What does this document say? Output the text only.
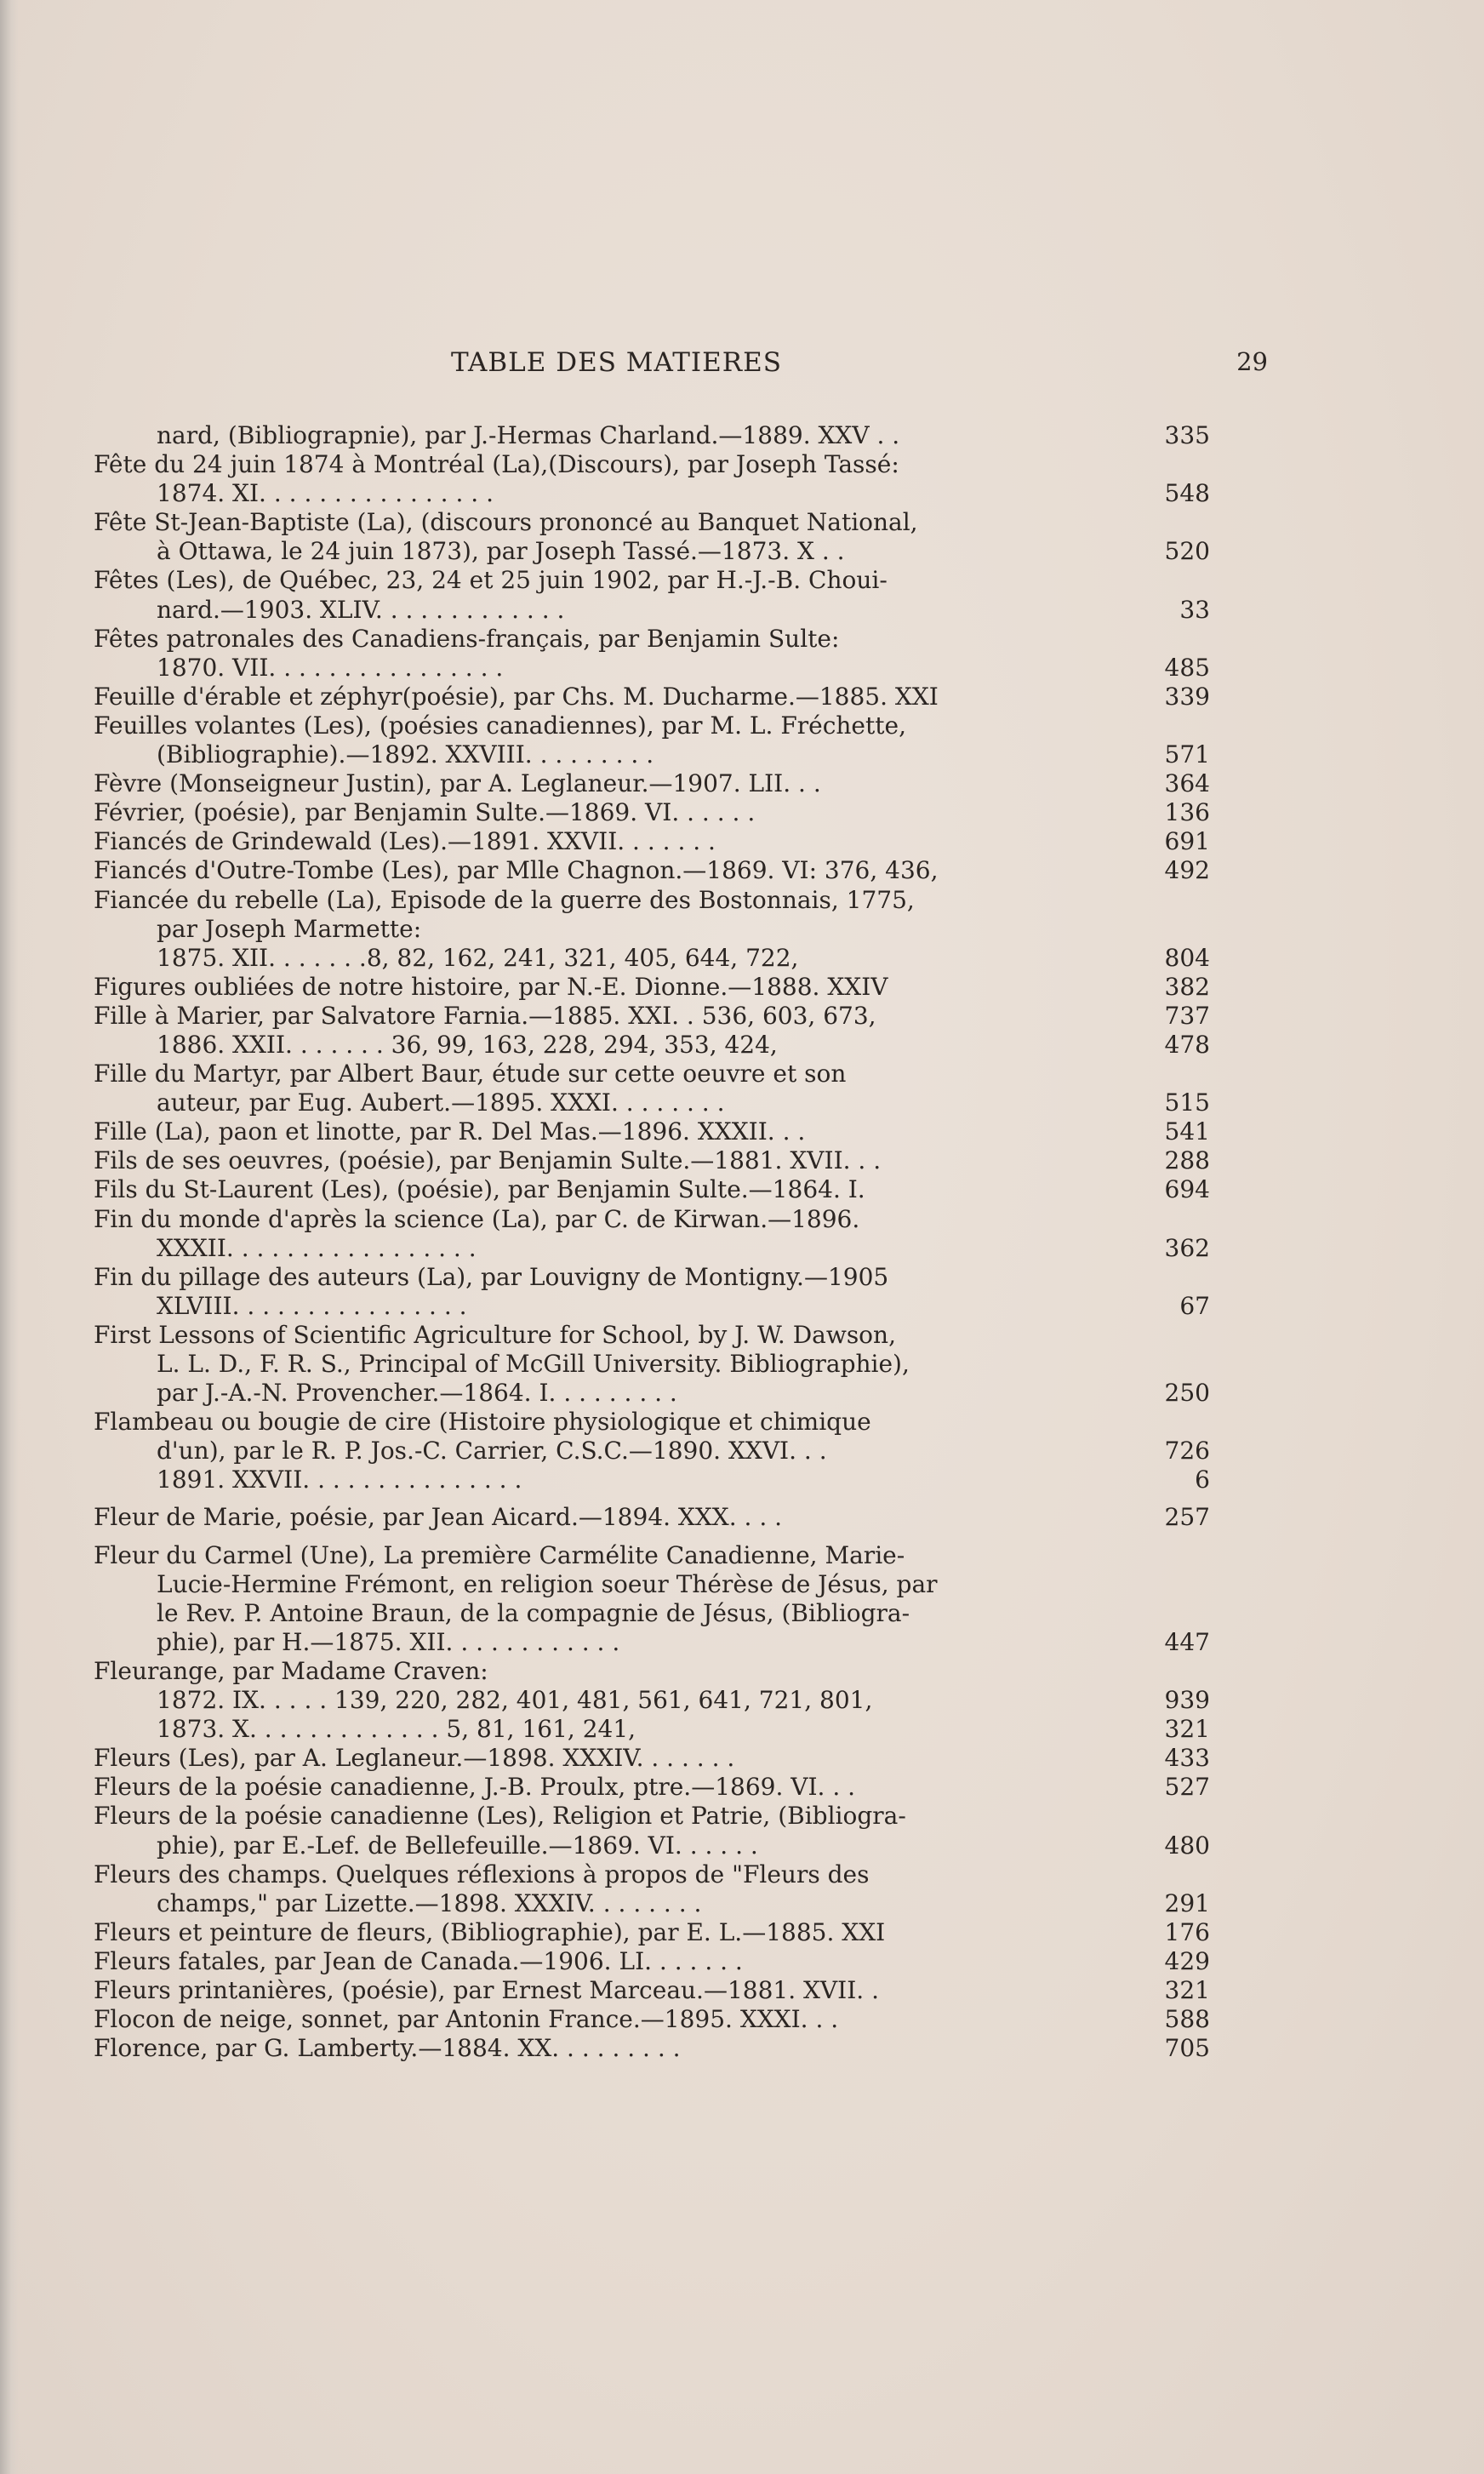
TABLE DES MATIERES	29
nard, (Bibliograpnie), par J.-Hermas Charland.—1889. XXV . .	335
Fête du 24 juin 1874 à Montréal (La),(Discours), par Joseph Tassé:
1874. XI. . . . . . . . . . . . . . . .	548
Fête St-Jean-Baptiste (La), (discours prononcé au Banquet National,
à Ottawa, le 24 juin 1873), par Joseph Tassé.—1873. X . .	520
Fêtes (Les), de Québec, 23, 24 et 25 juin 1902, par H.-J.-B. Choui-
nard.—1903. XLIV. . . . . . . . . . . . .	33
Fêtes patronales des Canadiens-français, par Benjamin Sulte:
1870. VII. . . . . . . . . . . . . . . .	485
Feuille d'érable et zéphyr(poésie), par Chs. M. Ducharme.—1885. XXI	339
Feuilles volantes (Les), (poésies canadiennes), par M. L. Fréchette,
(Bibliographie).—1892. XXVIII. . . . . . . . .	571
Fèvre (Monseigneur Justin), par A. Leglaneur.—1907. LII. . .	364
Février, (poésie), par Benjamin Sulte.—1869. VI. . . . . .	136
Fiancés de Grindewald (Les).—1891. XXVII. . . . . . .	691
Fiancés d'Outre-Tombe (Les), par Mlle Chagnon.—1869. VI: 376, 436,	492
Fiancée du rebelle (La), Episode de la guerre des Bostonnais, 1775,
par Joseph Marmette:
1875. XII. . . . . . .8, 82, 162, 241, 321, 405, 644, 722,	804
Figures oubliées de notre histoire, par N.-E. Dionne.—1888. XXIV	382
Fille à Marier, par Salvatore Farnia.—1885. XXI. . 536, 603, 673,	737
1886. XXII. . . . . . . 36, 99, 163, 228, 294, 353, 424,	478
Fille du Martyr, par Albert Baur, étude sur cette oeuvre et son
auteur, par Eug. Aubert.—1895. XXXI. . . . . . . .	515
Fille (La), paon et linotte, par R. Del Mas.—1896. XXXII. . .	541
Fils de ses oeuvres, (poésie), par Benjamin Sulte.—1881. XVII. . .	288
Fils du St-Laurent (Les), (poésie), par Benjamin Sulte.—1864. I.	694
Fin du monde d'après la science (La), par C. de Kirwan.—1896.
XXXII. . . . . . . . . . . . . . . . .	362
Fin du pillage des auteurs (La), par Louvigny de Montigny.—1905
XLVIII. . . . . . . . . . . . . . . .	67
First Lessons of Scientific Agriculture for School, by J. W. Dawson,
L. L. D., F. R. S., Principal of McGill University. Bibliographie),
par J.-A.-N. Provencher.—1864. I. . . . . . . . .	250
Flambeau ou bougie de cire (Histoire physiologique et chimique
d'un), par le R. P. Jos.-C. Carrier, C.S.C.—1890. XXVI. . .	726
1891. XXVII. . . . . . . . . . . . . . .	6
Fleur de Marie, poésie, par Jean Aicard.—1894. XXX. . . .	257
Fleur du Carmel (Une), La première Carmélite Canadienne, Marie-
Lucie-Hermine Frémont, en religion soeur Thérèse de Jésus, par
le Rev. P. Antoine Braun, de la compagnie de Jésus, (Bibliogra-
phie), par H.—1875. XII. . . . . . . . . . . .	447
Fleurange, par Madame Craven:
1872. IX. . . . . 139, 220, 282, 401, 481, 561, 641, 721, 801,	939
1873. X. . . . . . . . . . . . . 5, 81, 161, 241,	321
Fleurs (Les), par A. Leglaneur.—1898. XXXIV. . . . . . .	433
Fleurs de la poésie canadienne, J.-B. Proulx, ptre.—1869. VI. . .	527
Fleurs de la poésie canadienne (Les), Religion et Patrie, (Bibliogra-
phie), par E.-Lef. de Bellefeuille.—1869. VI. . . . . .	480
Fleurs des champs. Quelques réflexions à propos de "Fleurs des
champs," par Lizette.—1898. XXXIV. . . . . . . .	291
Fleurs et peinture de fleurs, (Bibliographie), par E. L.—1885. XXI	176
Fleurs fatales, par Jean de Canada.—1906. LI. . . . . . .	429
Fleurs printanières, (poésie), par Ernest Marceau.—1881. XVII. .	321
Flocon de neige, sonnet, par Antonin France.—1895. XXXI. . .	588
Florence, par G. Lamberty.—1884. XX. . . . . . . . .	705
